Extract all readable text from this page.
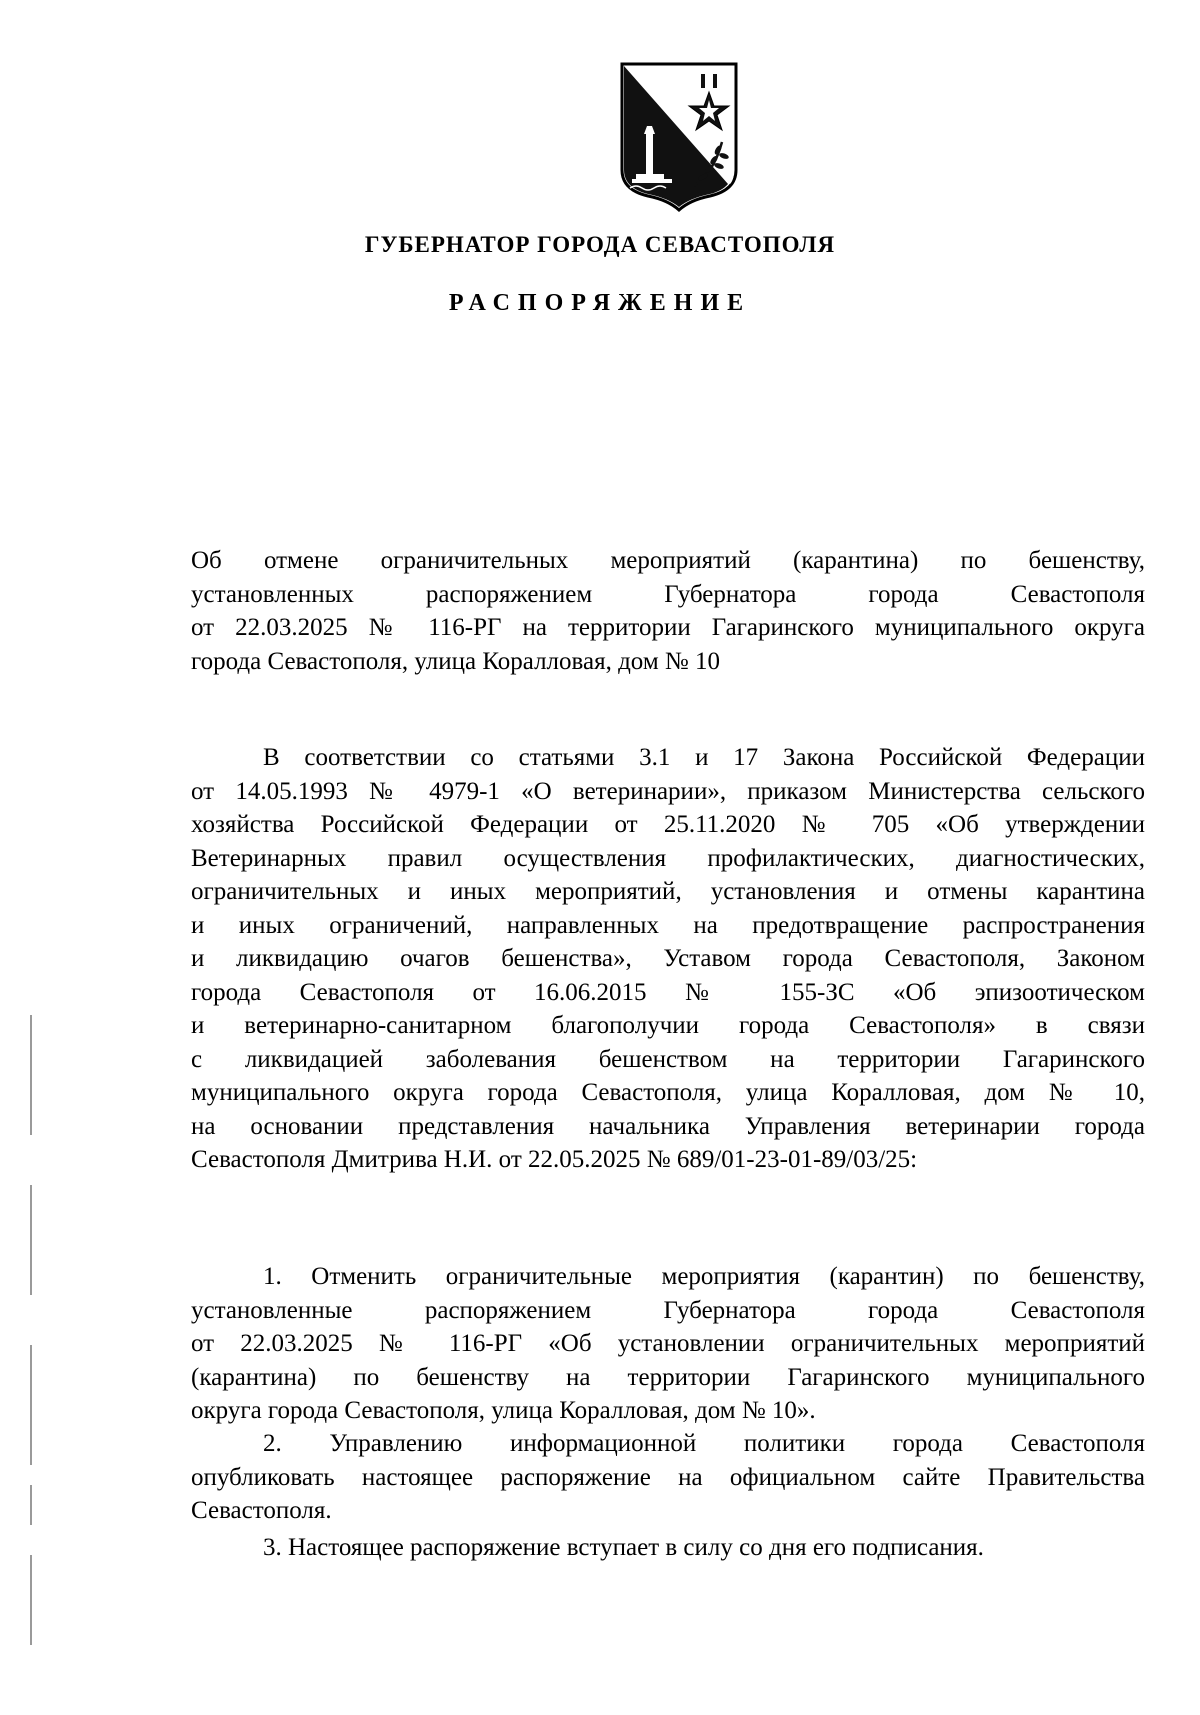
ГУБЕРНАТОР ГОРОДА СЕВАСТОПОЛЯ
РАСПОРЯЖЕНИЕ
Об отмене ограничительных мероприятий (карантина) по бешенству,
установленных распоряжением Губернатора города Севастополя
от 22.03.2025 № 116-РГ на территории Гагаринского муниципального округа
города Севастополя, улица Коралловая, дом № 10
В соответствии со статьями 3.1 и 17 Закона Российской Федерации
от 14.05.1993 № 4979-1 «О ветеринарии», приказом Министерства сельского
хозяйства Российской Федерации от 25.11.2020 № 705 «Об утверждении
Ветеринарных правил осуществления профилактических, диагностических,
ограничительных и иных мероприятий, установления и отмены карантина
и иных ограничений, направленных на предотвращение распространения
и ликвидацию очагов бешенства», Уставом города Севастополя, Законом
города Севастополя от 16.06.2015 № 155-ЗС «Об эпизоотическом
и ветеринарно-санитарном благополучии города Севастополя» в связи
с ликвидацией заболевания бешенством на территории Гагаринского
муниципального округа города Севастополя, улица Коралловая, дом № 10,
на основании представления начальника Управления ветеринарии города
Севастополя Дмитрива Н.И. от 22.05.2025 № 689/01-23-01-89/03/25:
1. Отменить ограничительные мероприятия (карантин) по бешенству,
установленные распоряжением Губернатора города Севастополя
от 22.03.2025 № 116-РГ «Об установлении ограничительных мероприятий
(карантина) по бешенству на территории Гагаринского муниципального
округа города Севастополя, улица Коралловая, дом № 10».
2. Управлению информационной политики города Севастополя
опубликовать настоящее распоряжение на официальном сайте Правительства
Севастополя.
3. Настоящее распоряжение вступает в силу со дня его подписания.
